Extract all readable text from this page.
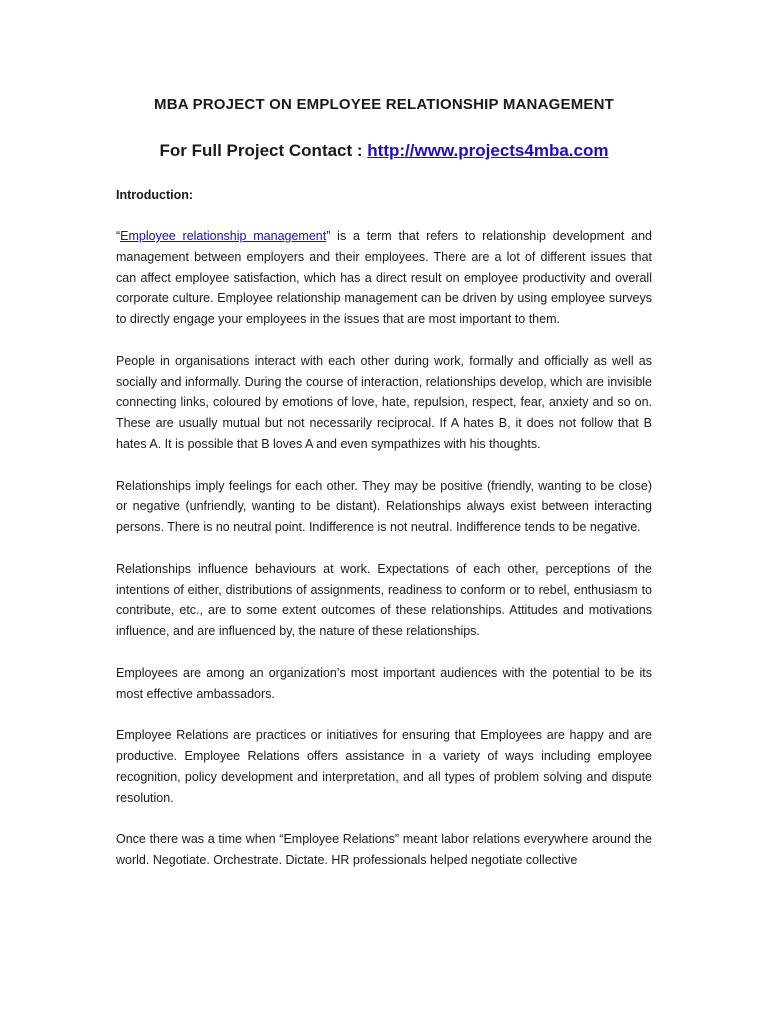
MBA PROJECT ON EMPLOYEE RELATIONSHIP MANAGEMENT

For Full Project Contact : http://www.projects4mba.com

Introduction:

“Employee relationship management” is a term that refers to relationship development and management between employers and their employees. There are a lot of different issues that can affect employee satisfaction, which has a direct result on employee productivity and overall corporate culture. Employee relationship management can be driven by using employee surveys to directly engage your employees in the issues that are most important to them.

People in organisations interact with each other during work, formally and officially as well as socially and informally. During the course of interaction, relationships develop, which are invisible connecting links, coloured by emotions of love, hate, repulsion, respect, fear, anxiety and so on. These are usually mutual but not necessarily reciprocal. If A hates B, it does not follow that B hates A. It is possible that B loves A and even sympathizes with his thoughts.

Relationships imply feelings for each other. They may be positive (friendly, wanting to be close) or negative (unfriendly, wanting to be distant). Relationships always exist between interacting persons. There is no neutral point. Indifference is not neutral. Indifference tends to be negative.

Relationships influence behaviours at work. Expectations of each other, perceptions of the intentions of either, distributions of assignments, readiness to conform or to rebel, enthusiasm to contribute, etc., are to some extent outcomes of these relationships. Attitudes and motivations influence, and are influenced by, the nature of these relationships.

Employees are among an organization’s most important audiences with the potential to be its most effective ambassadors.

Employee Relations are practices or initiatives for ensuring that Employees are happy and are productive. Employee Relations offers assistance in a variety of ways including employee recognition, policy development and interpretation, and all types of problem solving and dispute resolution.

Once there was a time when “Employee Relations” meant labor relations everywhere around the world. Negotiate. Orchestrate. Dictate. HR professionals helped negotiate collective
